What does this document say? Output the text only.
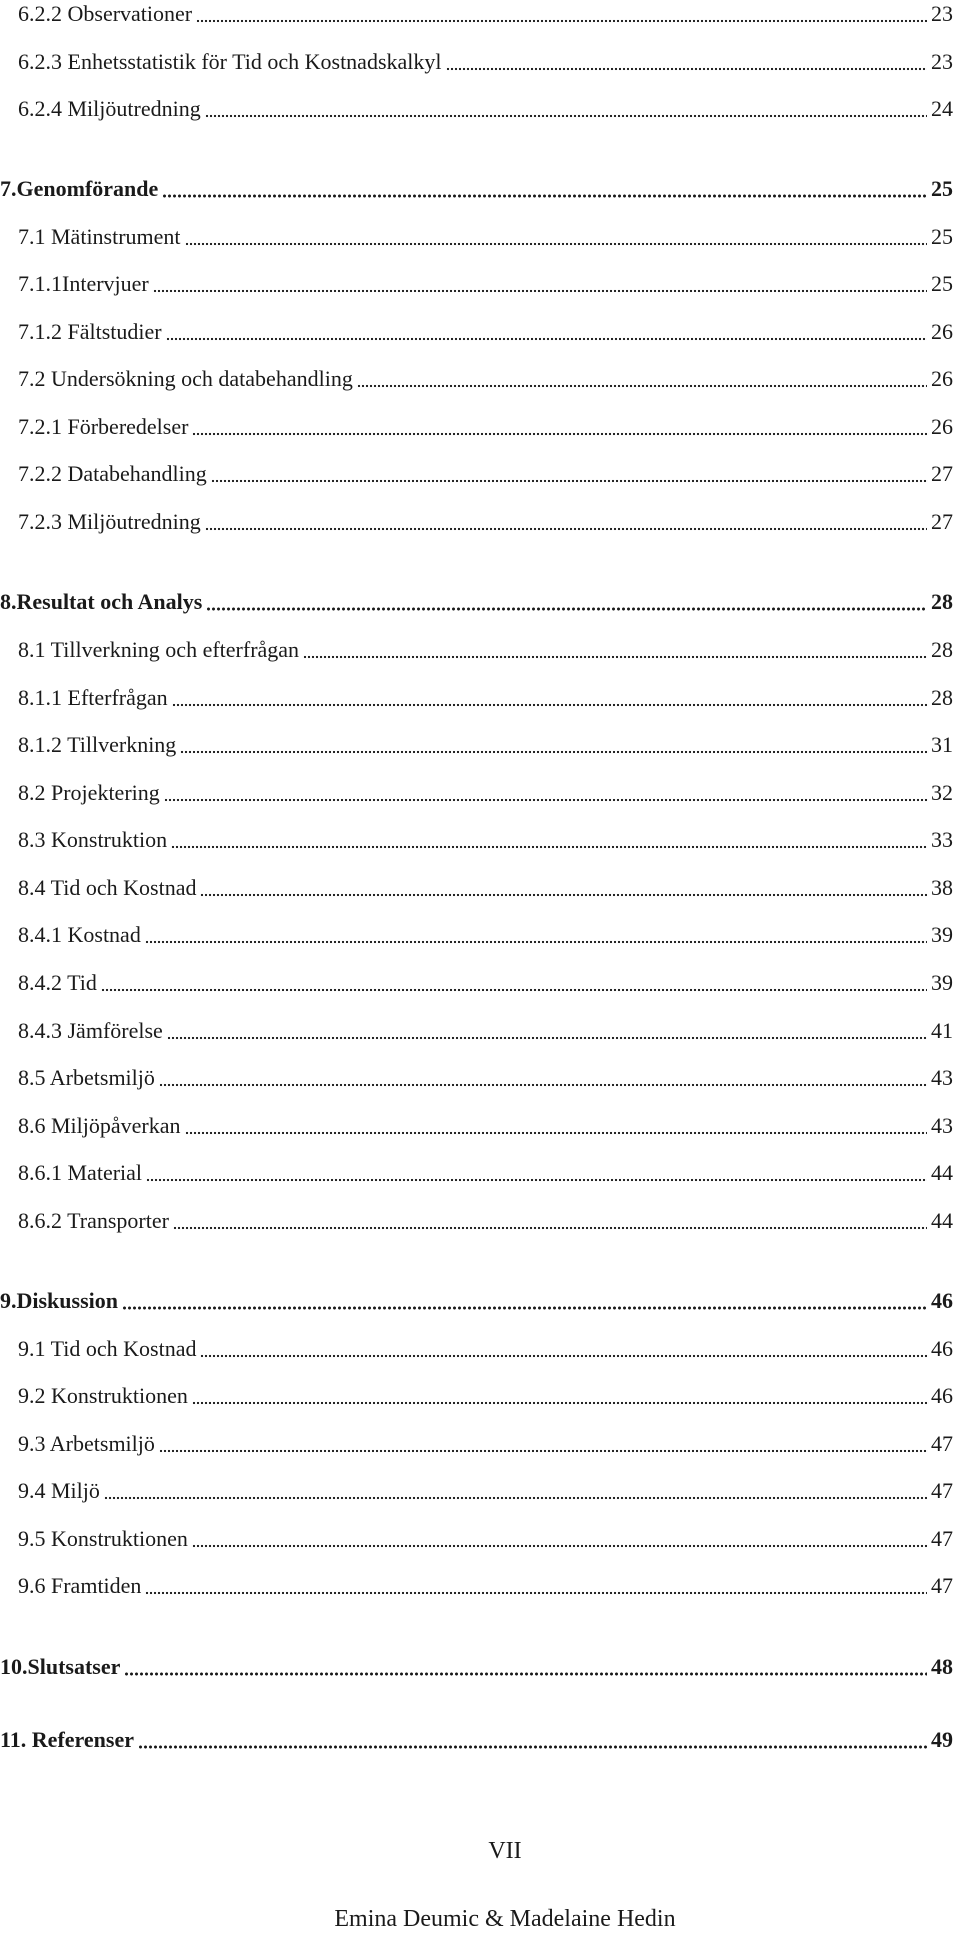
6.2.2 Observationer	23
6.2.3 Enhetsstatistik för Tid och Kostnadskalkyl	23
6.2.4 Miljöutredning	24
7.Genomförande	25
7.1 Mätinstrument	25
7.1.1Intervjuer	25
7.1.2 Fältstudier	26
7.2 Undersökning och databehandling	26
7.2.1 Förberedelser	26
7.2.2 Databehandling	27
7.2.3 Miljöutredning	27
8.Resultat och Analys	28
8.1 Tillverkning och efterfrågan	28
8.1.1 Efterfrågan	28
8.1.2 Tillverkning	31
8.2 Projektering	32
8.3 Konstruktion	33
8.4 Tid och Kostnad	38
8.4.1 Kostnad	39
8.4.2 Tid	39
8.4.3 Jämförelse	41
8.5 Arbetsmiljö	43
8.6 Miljöpåverkan	43
8.6.1 Material	44
8.6.2 Transporter	44
9.Diskussion	46
9.1 Tid och Kostnad	46
9.2 Konstruktionen	46
9.3 Arbetsmiljö	47
9.4 Miljö	47
9.5 Konstruktionen	47
9.6 Framtiden	47
10.Slutsatser	48
11. Referenser	49
VII
Emina Deumic & Madelaine Hedin
